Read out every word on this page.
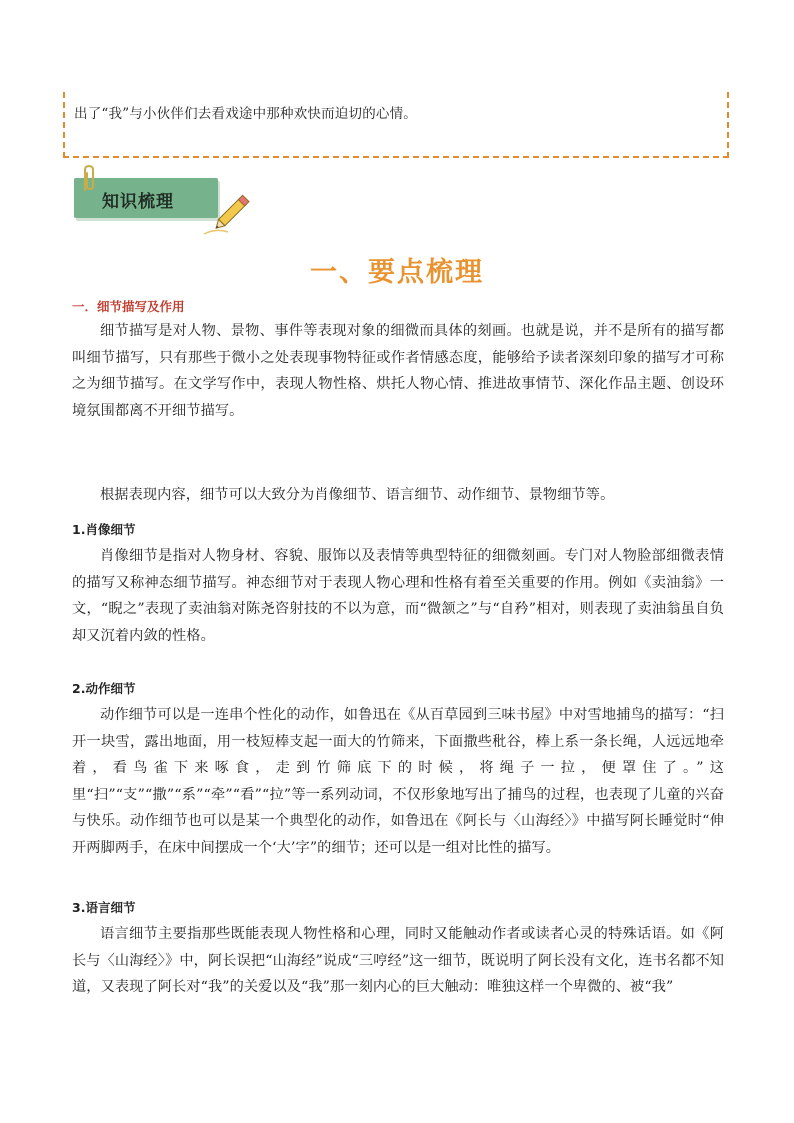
出了“我”与小伙伴们去看戏途中那种欢快而迫切的心情。
知识梳理
一、要点梳理
一．细节描写及作用

细节描写是对人物、景物、事件等表现对象的细微而具体的刻画。也就是说，并不是所有的描写都叫细节描写，只有那些于微小之处表现事物特征或作者情感态度，能够给予读者深刻印象的描写才可称之为细节描写。在文学写作中，表现人物性格、烘托人物心情、推进故事情节、深化作品主题、创设环境氛围都离不开细节描写。

根据表现内容，细节可以大致分为肖像细节、语言细节、动作细节、景物细节等。

1.肖像细节

肖像细节是指对人物身材、容貌、服饰以及表情等典型特征的细微刻画。专门对人物脸部细微表情的描写又称神态细节描写。神态细节对于表现人物心理和性格有着至关重要的作用。例如《卖油翁》一文，“睨之”表现了卖油翁对陈尧咨射技的不以为意，而“微颔之”与“自矜”相对，则表现了卖油翁虽自负却又沉着内敛的性格。

2.动作细节

动作细节可以是一连串个性化的动作，如鲁迅在《从百草园到三味书屋》中对雪地捕鸟的描写：“扫开一块雪，露出地面，用一枝短棒支起一面大的竹筛来，下面撒些秕谷，棒上系一条长绳，人远远地牵着，看鸟雀下来啄食，走到竹筛底下的时候，将绳子一拉，便罩住了。”这里“扫”“支”“撒”“系”“牵”“看”“拉”等一系列动词，不仅形象地写出了捕鸟的过程，也表现了儿童的兴奋与快乐。动作细节也可以是某一个典型化的动作，如鲁迅在《阿长与〈山海经〉》中描写阿长睡觉时“伸开两脚两手，在床中间摆成一个‘大’字”的细节；还可以是一组对比性的描写。

3.语言细节

语言细节主要指那些既能表现人物性格和心理，同时又能触动作者或读者心灵的特殊话语。如《阿长与〈山海经〉》中，阿长误把“山海经”说成“三哼经”这一细节，既说明了阿长没有文化，连书名都不知道，又表现了阿长对“我”的关爱以及“我”那一刻内心的巨大触动：唯独这样一个卑微的、被“我”
